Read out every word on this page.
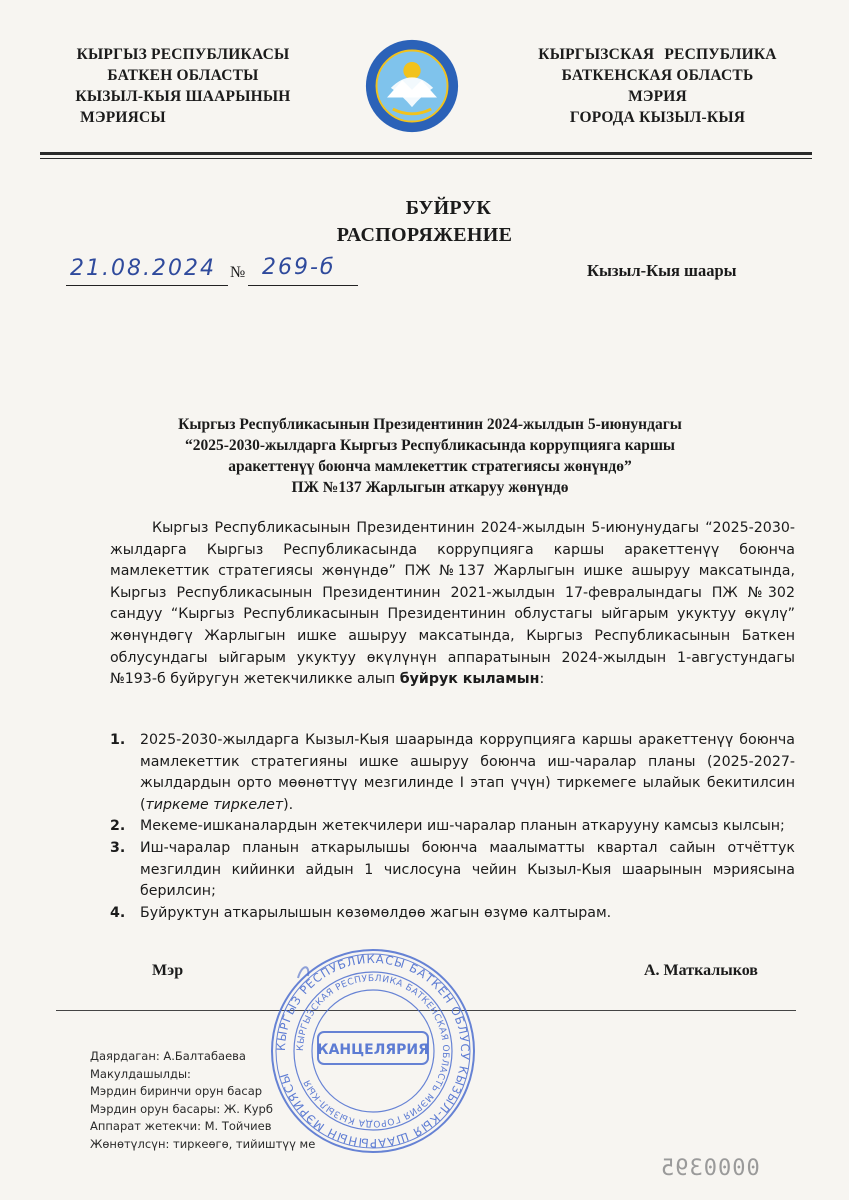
КЫРГЫЗ РЕСПУБЛИКАСЫ
БАТКЕН ОБЛАСТЫ
КЫЗЫЛ-КЫЯ ШААРЫНЫН
МЭРИЯСЫ
КЫРГЫЗСКАЯ РЕСПУБЛИКА
БАТКЕНСКАЯ ОБЛАСТЬ
МЭРИЯ
ГОРОДА КЫЗЫЛ-КЫЯ
БУЙРУК
РАСПОРЯЖЕНИЕ
21.08.2024 № 269-б	Кызыл-Кыя шаары
Кыргыз Республикасынын Президентинин 2024-жылдын 5-июнундагы
“2025-2030-жылдарга Кыргыз Республикасында коррупцияга каршы
аракеттенүү боюнча мамлекеттик стратегиясы жөнүндө”
ПЖ №137 Жарлыгын аткаруу жөнүндө
Кыргыз Республикасынын Президентинин 2024-жылдын 5-июнунудагы “2025-2030-жылдарга Кыргыз Республикасында коррупцияга каршы аракеттенүү боюнча мамлекеттик стратегиясы жөнүндө” ПЖ №137 Жарлыгын ишке ашыруу максатында, Кыргыз Республикасынын Президентинин 2021-жылдын 17-февралындагы ПЖ №302 сандуу “Кыргыз Республикасынын Президентинин облустагы ыйгарым укуктуу өкүлү” жөнүндөгү Жарлыгын ишке ашыруу максатында, Кыргыз Республикасынын Баткен облусундагы ыйгарым укуктуу өкүлүнүн аппаратынын 2024-жылдын 1-августундагы №193-б буйругун жетекчиликке алып буйрук кыламын:
1. 2025-2030-жылдарга Кызыл-Кыя шаарында коррупцияга каршы аракеттенүү боюнча мамлекеттик стратегияны ишке ашыруу боюнча иш-чаралар планы (2025-2027-жылдардын орто мөөнөттүү мезгилинде I этап үчүн) тиркемеге ылайык бекитилсин (тиркеме тиркелет).
2. Мекеме-ишканалардын жетекчилери иш-чаралар планын аткарууну камсыз кылсын;
3. Иш-чаралар планын аткарылышы боюнча маалыматты квартал сайын отчёттук мезгилдин кийинки айдын 1 числосуна чейин Кызыл-Кыя шаарынын мэриясына берилсин;
4. Буйруктун аткарылышын көзөмөлдөө жагын өзүмө калтырам.
Мэр	А. Маткалыков
Даярдаган: А.Балтабаева
Макулдашылды:
Мэрдин биринчи орун басар
Мэрдин орун басары: Ж. Курб
Аппарат жетекчи: М. Тойчиев
Жөнөтүлсүн: тиркеөгө, тийиштүү ме
КЫРГЫЗ РЕСПУБЛИКАСЫ БАТКЕН ОБЛУСУ КЫЗЫЛ-КЫЯ ШААРЫНЫН МЭРИЯСЫ
КЫРГЫЗСКАЯ РЕСПУБЛИКА БАТКЕНСКАЯ ОБЛАСТЬ МЭРИЯ ГОРОДА КЫЗЫЛ-КЫЯ
КАНЦЕЛЯРИЯ
0000395
